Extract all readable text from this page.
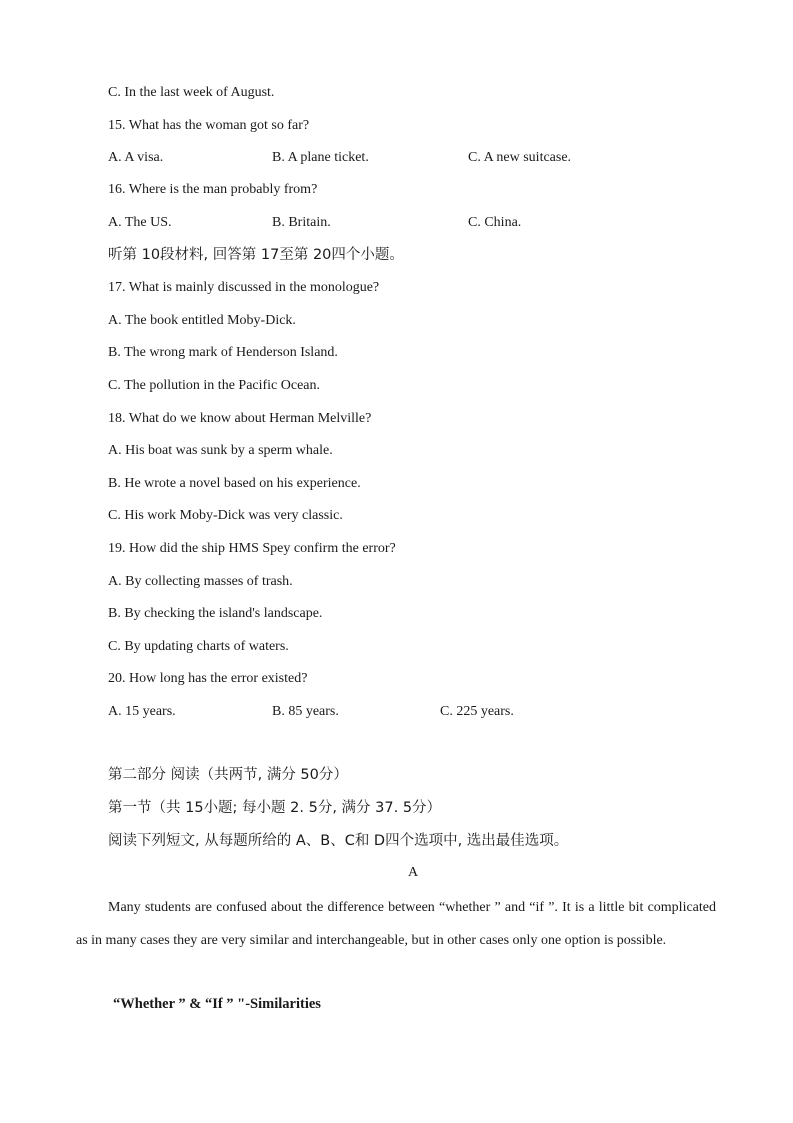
C. In the last week of August.
15. What has the woman got so far?
A. A visa.	B. A plane ticket.	C. A new suitcase.
16. Where is the man probably from?
A. The US.	B. Britain.	C. China.
听第 10段材料, 回答第 17至第 20四个小题。
17. What is mainly discussed in the monologue?
A. The book entitled Moby-Dick.
B. The wrong mark of Henderson Island.
C. The pollution in the Pacific Ocean.
18. What do we know about Herman Melville?
A. His boat was sunk by a sperm whale.
B. He wrote a novel based on his experience.
C. His work Moby-Dick was very classic.
19. How did the ship HMS Spey confirm the error?
A. By collecting masses of trash.
B. By checking the island's landscape.
C. By updating charts of waters.
20. How long has the error existed?
A. 15 years.	B. 85 years.	C. 225 years.
第二部分 阅读（共两节, 满分 50分）
第一节（共 15小题; 每小题 2. 5分, 满分 37. 5分）
阅读下列短文, 从每题所给的 A、B、C和 D四个选项中, 选出最佳选项。
A
Many students are confused about the difference between “whether ” and “if ”. It is a little bit complicated as in many cases they are very similar and interchangeable, but in other cases only one option is possible.
“Whether ” & “If ” "-Similarities
